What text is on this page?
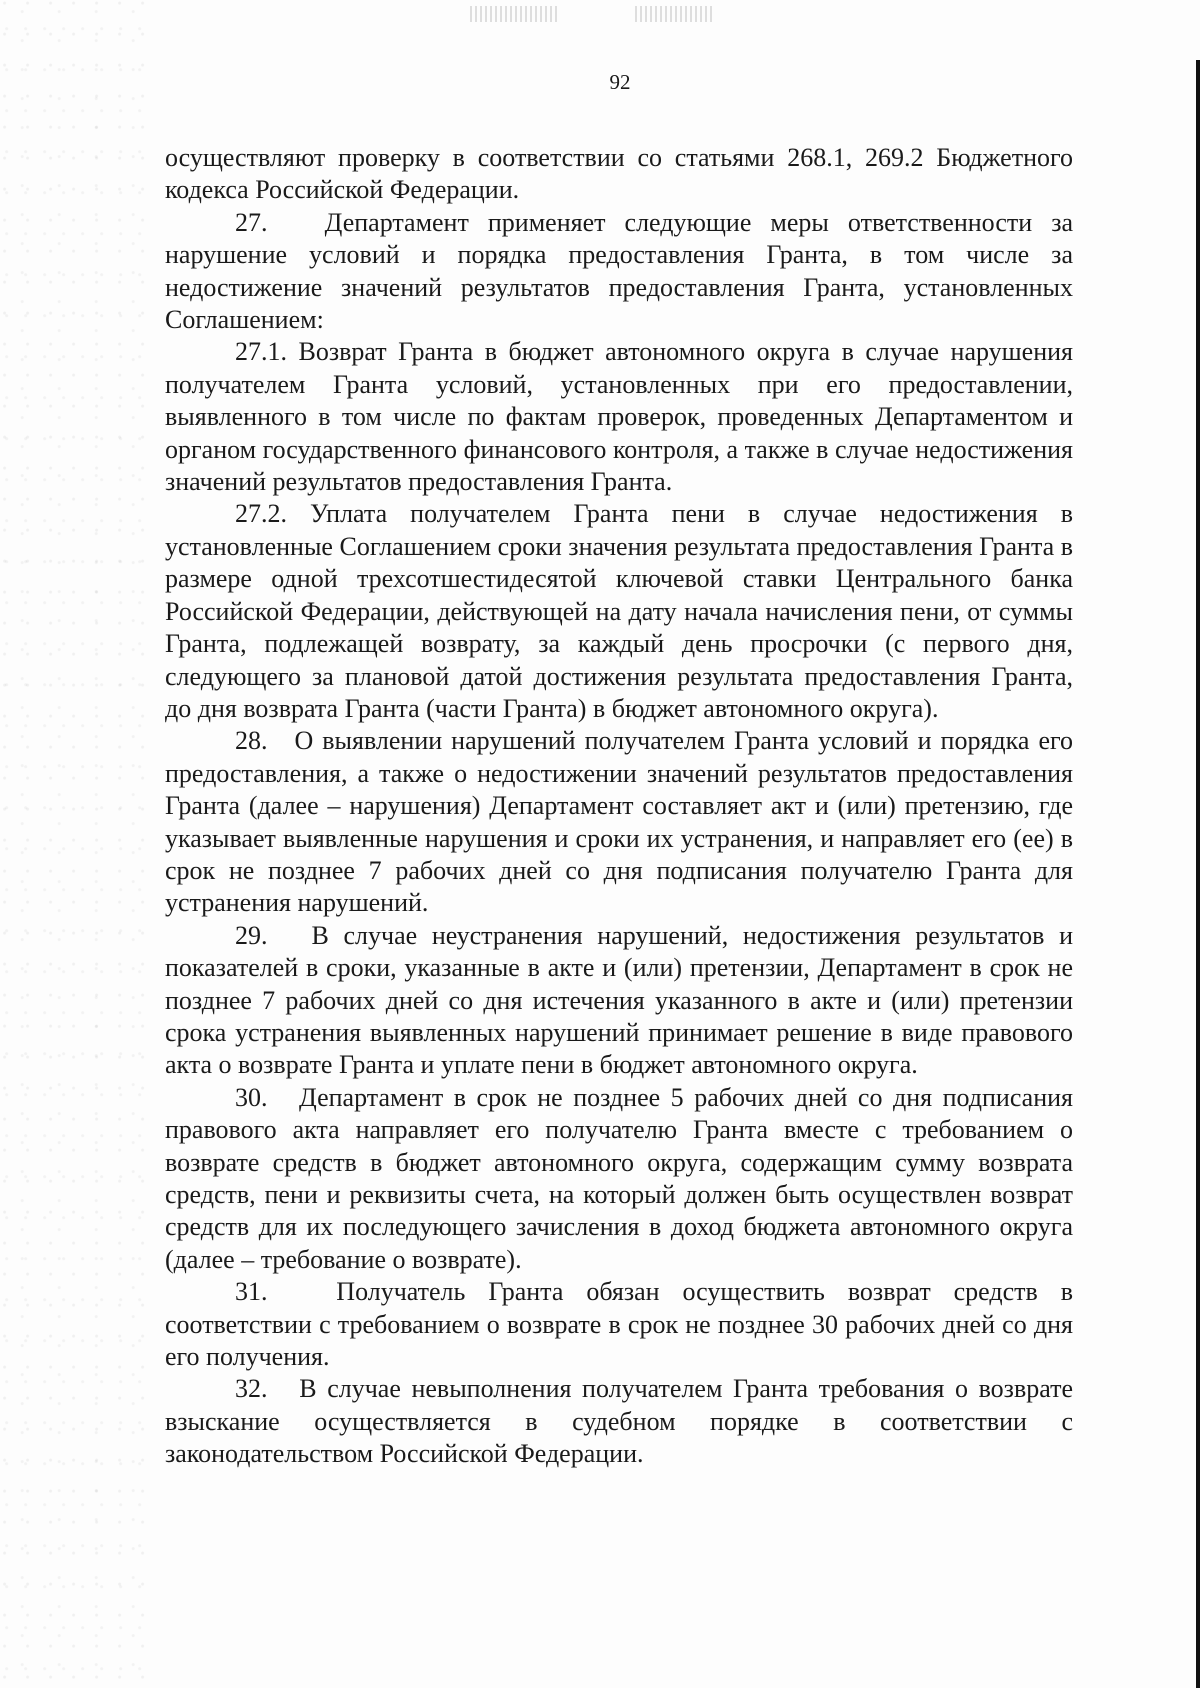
92

осуществляют проверку в соответствии со статьями 268.1, 269.2 Бюджетного кодекса Российской Федерации.

27.   Департамент применяет следующие меры ответственности за нарушение условий и порядка предоставления Гранта, в том числе за недостижение значений результатов предоставления Гранта, установленных Соглашением:

27.1. Возврат Гранта в бюджет автономного округа в случае нарушения получателем Гранта условий, установленных при его предоставлении, выявленного в том числе по фактам проверок, проведенных Департаментом и органом государственного финансового контроля, а также в случае недостижения значений результатов предоставления Гранта.

27.2. Уплата получателем Гранта пени в случае недостижения в установленные Соглашением сроки значения результата предоставления Гранта в размере одной трехсотшестидесятой ключевой ставки Центрального банка Российской Федерации, действующей на дату начала начисления пени, от суммы Гранта, подлежащей возврату, за каждый день просрочки (с первого дня, следующего за плановой датой достижения результата предоставления Гранта, до дня возврата Гранта (части Гранта) в бюджет автономного округа).

28.   О выявлении нарушений получателем Гранта условий и порядка его предоставления, а также о недостижении значений результатов предоставления Гранта (далее – нарушения) Департамент составляет акт и (или) претензию, где указывает выявленные нарушения и сроки их устранения, и направляет его (ее) в срок не позднее 7 рабочих дней со дня подписания получателю Гранта для устранения нарушений.

29.   В случае неустранения нарушений, недостижения результатов и показателей в сроки, указанные в акте и (или) претензии, Департамент в срок не позднее 7 рабочих дней со дня истечения указанного в акте и (или) претензии срока устранения выявленных нарушений принимает решение в виде правового акта о возврате Гранта и уплате пени в бюджет автономного округа.

30.   Департамент в срок не позднее 5 рабочих дней со дня подписания правового акта направляет его получателю Гранта вместе с требованием о возврате средств в бюджет автономного округа, содержащим сумму возврата средств, пени и реквизиты счета, на который должен быть осуществлен возврат средств для их последующего зачисления в доход бюджета автономного округа (далее – требование о возврате).

31.   Получатель Гранта обязан осуществить возврат средств в соответствии с требованием о возврате в срок не позднее 30 рабочих дней со дня его получения.

32.   В случае невыполнения получателем Гранта требования о возврате взыскание осуществляется в судебном порядке в соответствии с законодательством Российской Федерации.
